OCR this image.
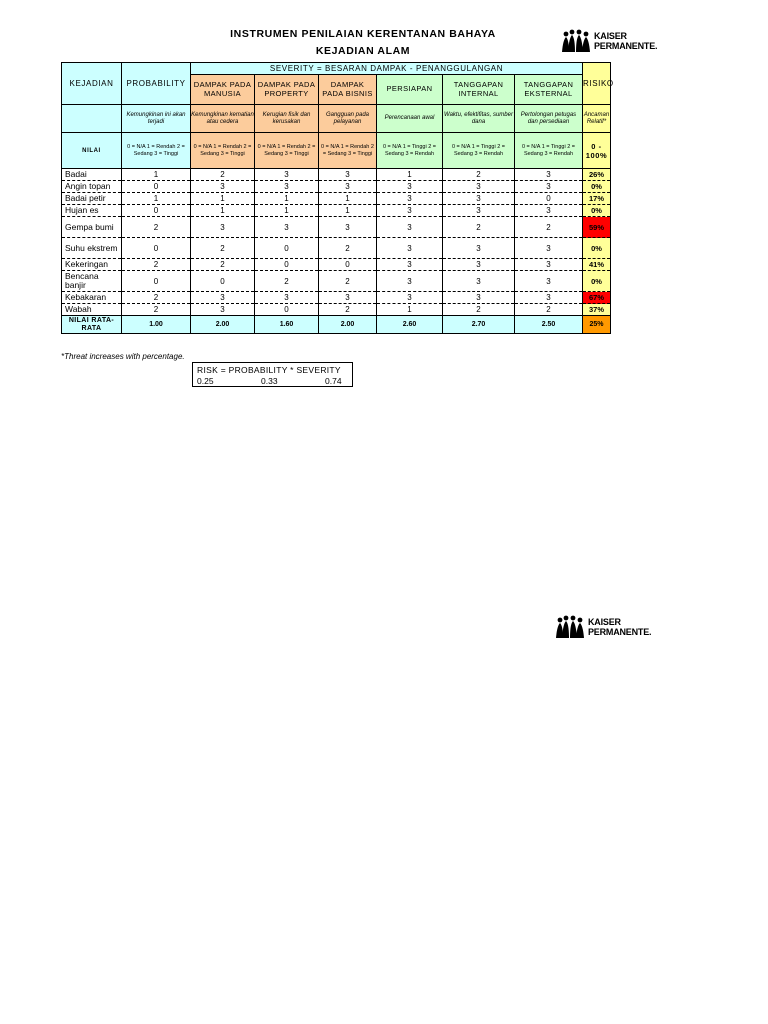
INSTRUMEN PENILAIAN KERENTANAN BAHAYA
KEJADIAN ALAM
KAISER
PERMANENTE.
KEJADIAN	PROBABILITY	SEVERITY = BESARAN DAMPAK - PENANGGULANGAN						RISIKO
		DAMPAK PADA MANUSIA	DAMPAK PADA PROPERTY	DAMPAK PADA BISNIS	PERSIAPAN	TANGGAPAN INTERNAL	TANGGAPAN EKSTERNAL	
	Kemungkinan ini akan terjadi	Kemungkinan kematian atau cedera	Kerugian fisik dan kerusakan	Gangguan pada pelayanan	Perencanaan awal	Waktu, efektifitas, sumber dana	Pertolongan petugas dan persediaan	Ancaman Relatif*
NILAI	0 = N/A 1 = Rendah 2 = Sedang 3 = Tinggi	0 = N/A 1 = Rendah 2 = Sedang 3 = Tinggi	0 = N/A 1 = Rendah 2 = Sedang 3 = Tinggi	0 = N/A 1 = Rendah 2 = Sedang 3 = Tinggi	0 = N/A 1 = Tinggi 2 = Sedang 3 = Rendah	0 = N/A 1 = Tinggi 2 = Sedang 3 = Rendah	0 = N/A 1 = Tinggi 2 = Sedang 3 = Rendah	0 - 100%
Badai	1	2	3	3	1	2	3	26%
Angin topan	0	3	3	3	3	3	3	0%
Badai petir	1	1	1	1	3	3	0	17%
Hujan es	0	1	1	1	3	3	3	0%
Gempa bumi	2	3	3	3	3	2	2	59%
Suhu ekstrem	0	2	0	2	3	3	3	0%
Kekeringan	2	2	0	0	3	3	3	41%
Bencana banjir	0	0	2	2	3	3	3	0%
Kebakaran	2	3	3	3	3	3	3	67%
Wabah	2	3	0	2	1	2	2	37%
NILAI RATA-RATA	1.00	2.00	1.60	2.00	2.60	2.70	2.50	25%
*Threat increases with percentage.
RISK = PROBABILITY * SEVERITY
0.25	0.33	0.74
KAISER
PERMANENTE.
